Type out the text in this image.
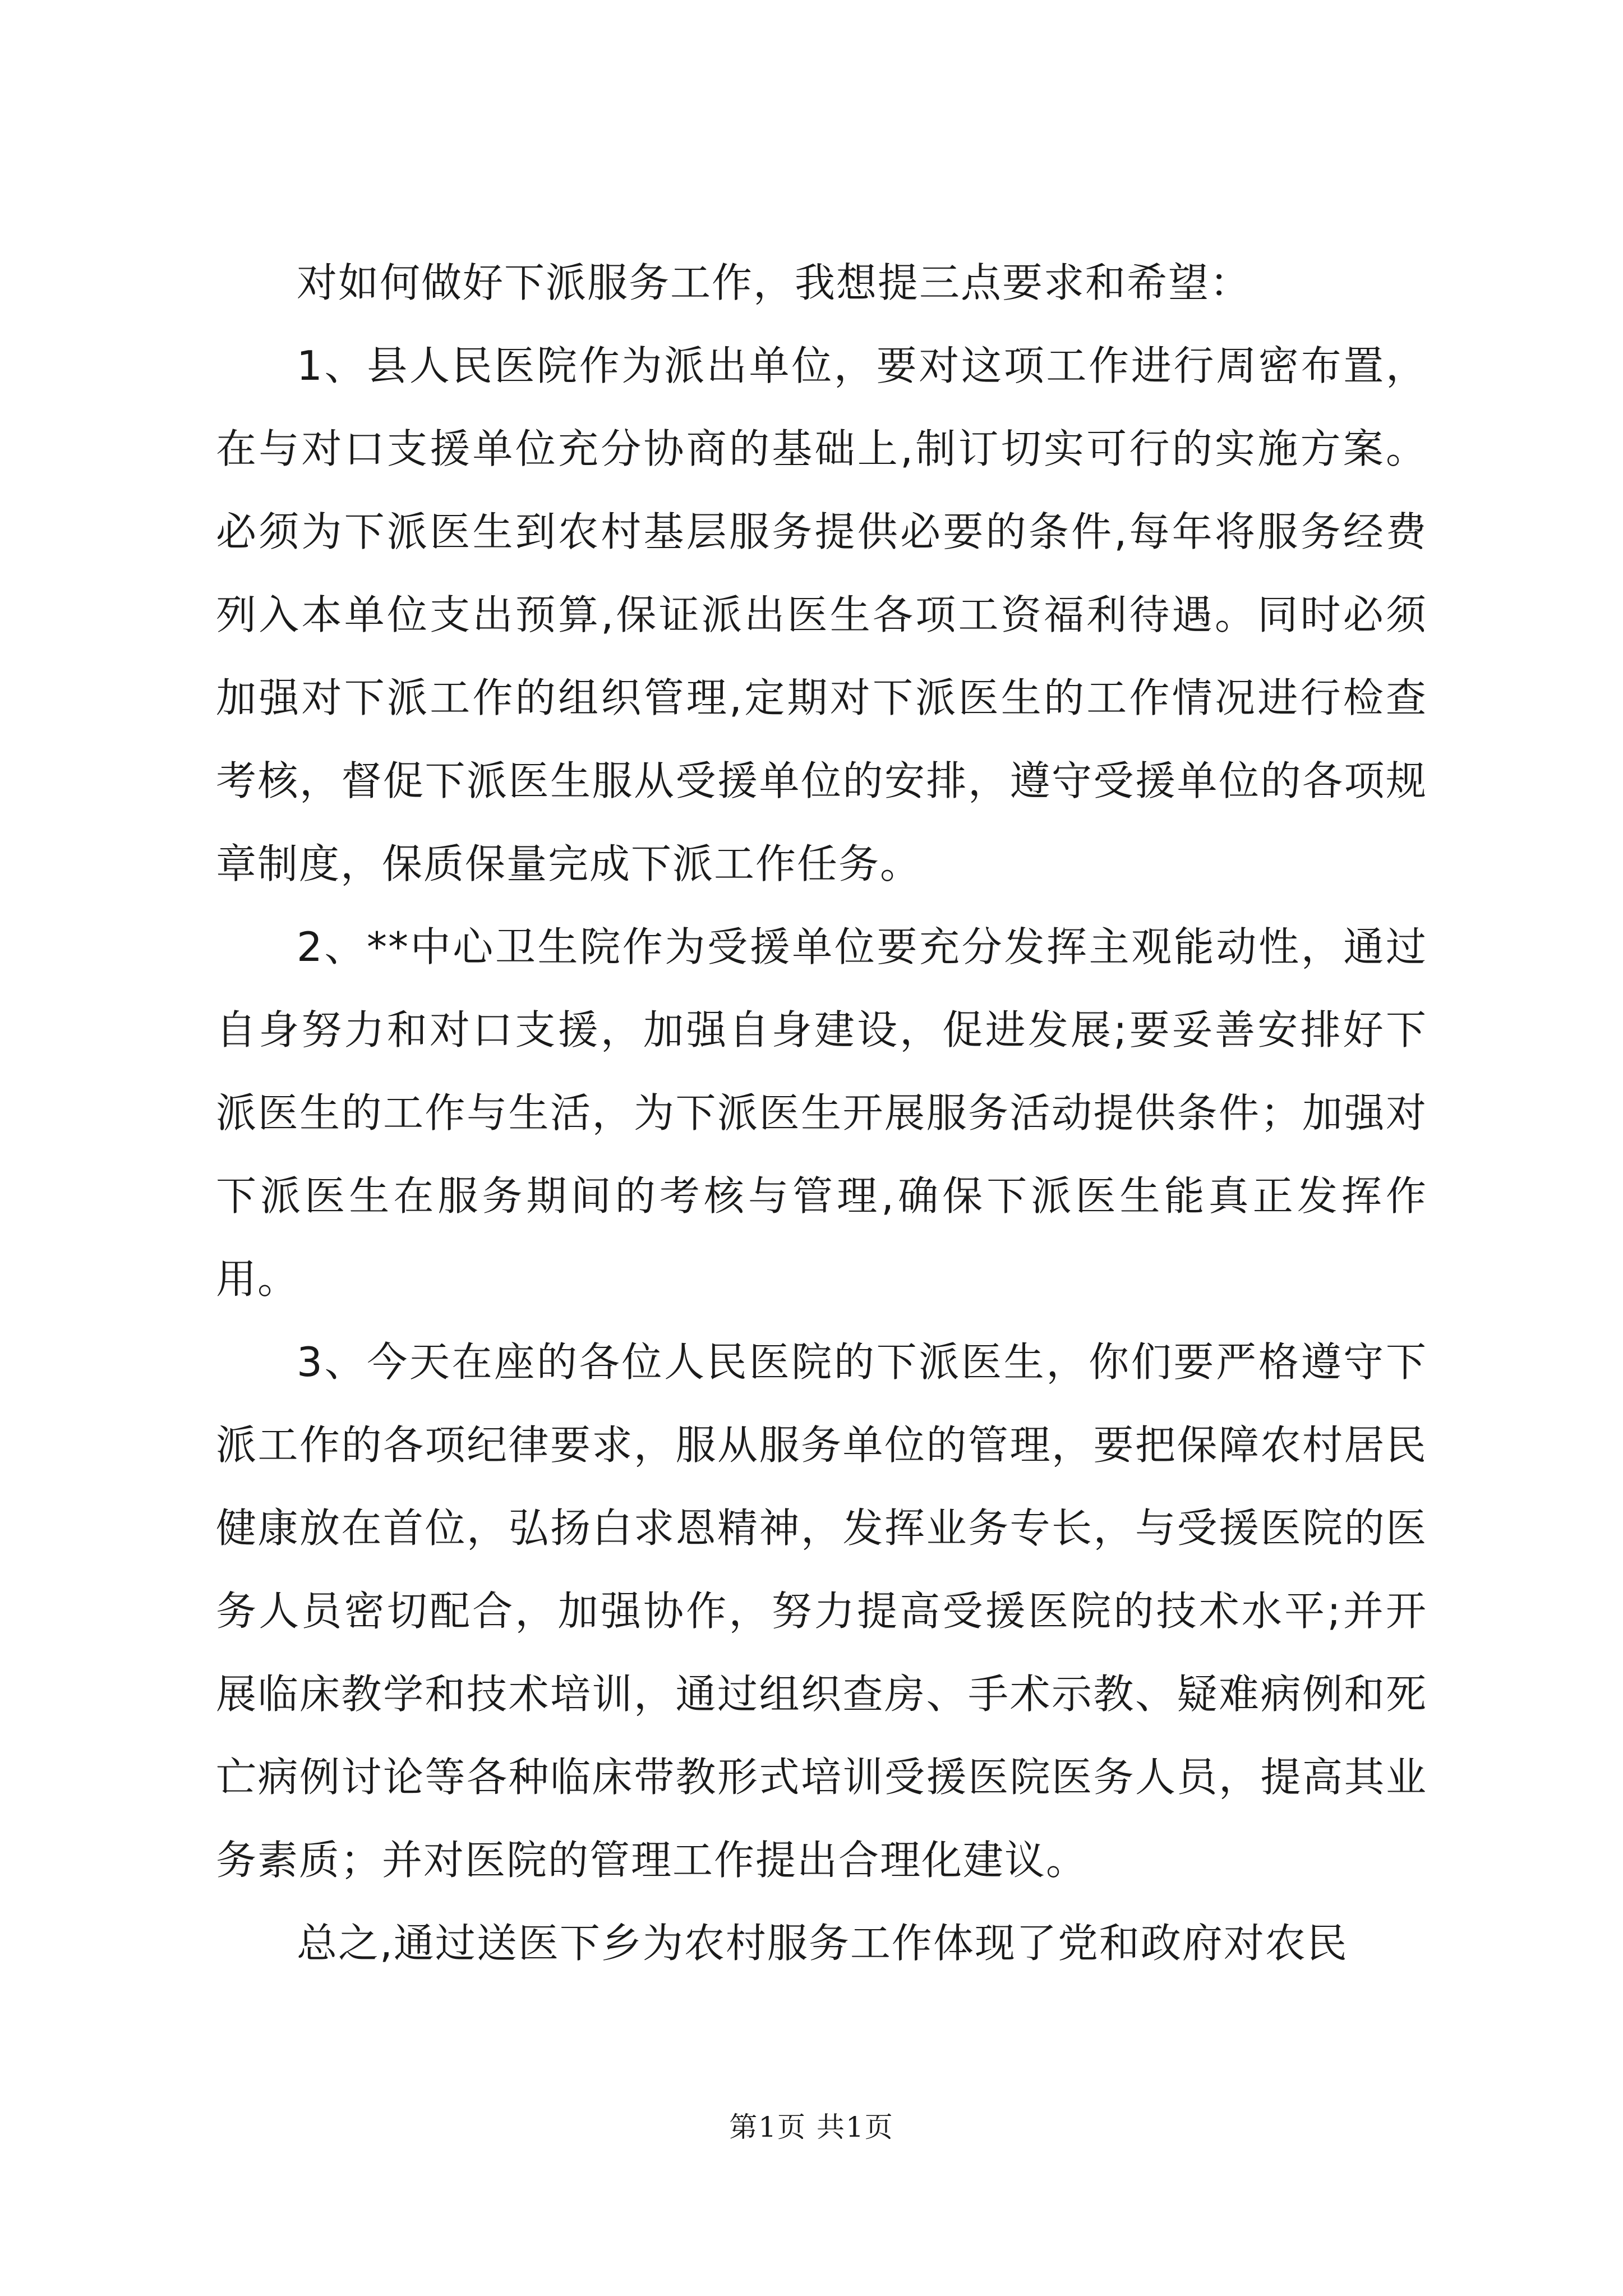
对如何做好下派服务工作，我想提三点要求和希望：

1、县人民医院作为派出单位，要对这项工作进行周密布置，在与对口支援单位充分协商的基础上,制订切实可行的实施方案。必须为下派医生到农村基层服务提供必要的条件,每年将服务经费列入本单位支出预算,保证派出医生各项工资福利待遇。同时必须加强对下派工作的组织管理,定期对下派医生的工作情况进行检查考核，督促下派医生服从受援单位的安排，遵守受援单位的各项规章制度，保质保量完成下派工作任务。

2、**中心卫生院作为受援单位要充分发挥主观能动性，通过自身努力和对口支援，加强自身建设，促进发展;要妥善安排好下派医生的工作与生活，为下派医生开展服务活动提供条件；加强对下派医生在服务期间的考核与管理,确保下派医生能真正发挥作用。

3、今天在座的各位人民医院的下派医生，你们要严格遵守下派工作的各项纪律要求，服从服务单位的管理，要把保障农村居民健康放在首位，弘扬白求恩精神，发挥业务专长，与受援医院的医务人员密切配合，加强协作，努力提高受援医院的技术水平;并开展临床教学和技术培训，通过组织查房、手术示教、疑难病例和死亡病例讨论等各种临床带教形式培训受援医院医务人员，提高其业务素质；并对医院的管理工作提出合理化建议。

总之,通过送医下乡为农村服务工作体现了党和政府对农民

第1页 共1页
